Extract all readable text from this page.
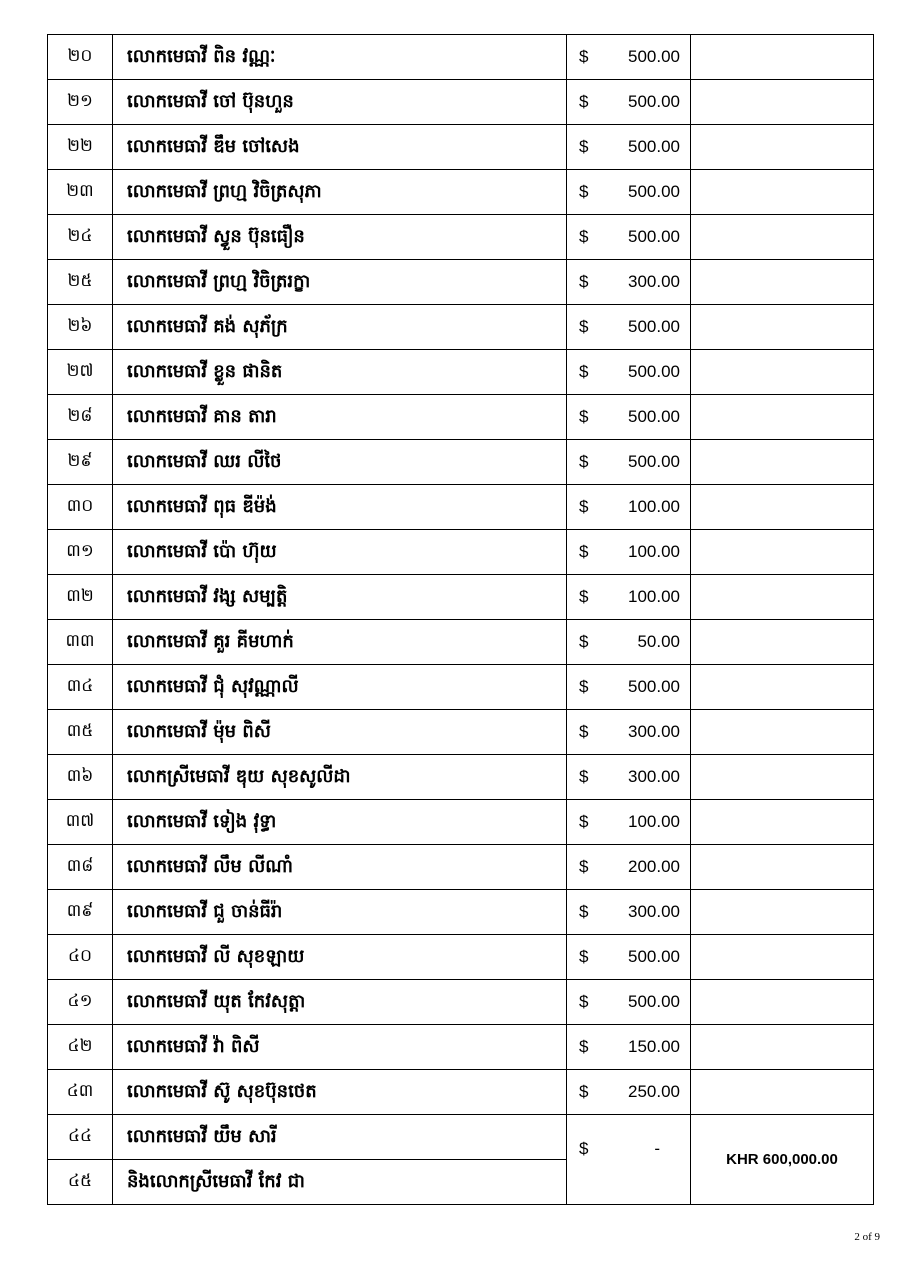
២០	លោកមេធាវី ពិន វណ្ណៈ	$ 500.00	

២១	លោកមេធាវី ចៅ ប៊ុនហួន	$ 500.00	

២២	លោកមេធាវី ឌឹម ចៅសេង	$ 500.00	

២៣	លោកមេធាវី ព្រហ្ម វិចិត្រសុភា	$ 500.00	

២៤	លោកមេធាវី ស្វួន ប៊ុនធឿន	$ 500.00	

២៥	លោកមេធាវី ព្រហ្ម វិចិត្ររក្ខា	$ 300.00	

២៦	លោកមេធាវី គង់ សុភ័ក្រ	$ 500.00	

២៧	លោកមេធាវី ខ្លួន ផានិត	$ 500.00	

២៨	លោកមេធាវី គាន តារា	$ 500.00	

២៩	លោកមេធាវី ឈរ លីថៃ	$ 500.00	

៣០	លោកមេធាវី ពុធ ឌីម៉ង់	$ 100.00	

៣១	លោកមេធាវី ប៉ោ ហ៊ុយ	$ 100.00	

៣២	លោកមេធាវី វង្ស សម្បត្តិ	$ 100.00	

៣៣	លោកមេធាវី គួរ គីមហាក់	$ 50.00	

៣៤	លោកមេធាវី ជុំ សុវណ្ណាលី	$ 500.00	

៣៥	លោកមេធាវី ម៉ុម ពិសី	$ 300.00	

៣៦	លោកស្រីមេធាវី ឌុយ សុខសូលីដា	$ 300.00	

៣៧	លោកមេធាវី ទៀង វុទ្ធា	$ 100.00	

៣៨	លោកមេធាវី លឹម លីណាំ	$ 200.00	

៣៩	លោកមេធាវី ជួ ចាន់ធីរ៉ា	$ 300.00	

៤០	លោកមេធាវី លី សុខឡាយ	$ 500.00	

៤១	លោកមេធាវី យុត កែវសុត្តា	$ 500.00	

៤២	លោកមេធាវី វ៉ា ពិសី	$ 150.00	

៤៣	លោកមេធាវី ស៊ូ សុខប៊ុនថេត	$ 250.00	

៤៤	លោកមេធាវី យឹម សារី	$ -	KHR 600,000.00
៤៥	និងលោកស្រីមេធាវី កែវ ជា		
2 of 9
